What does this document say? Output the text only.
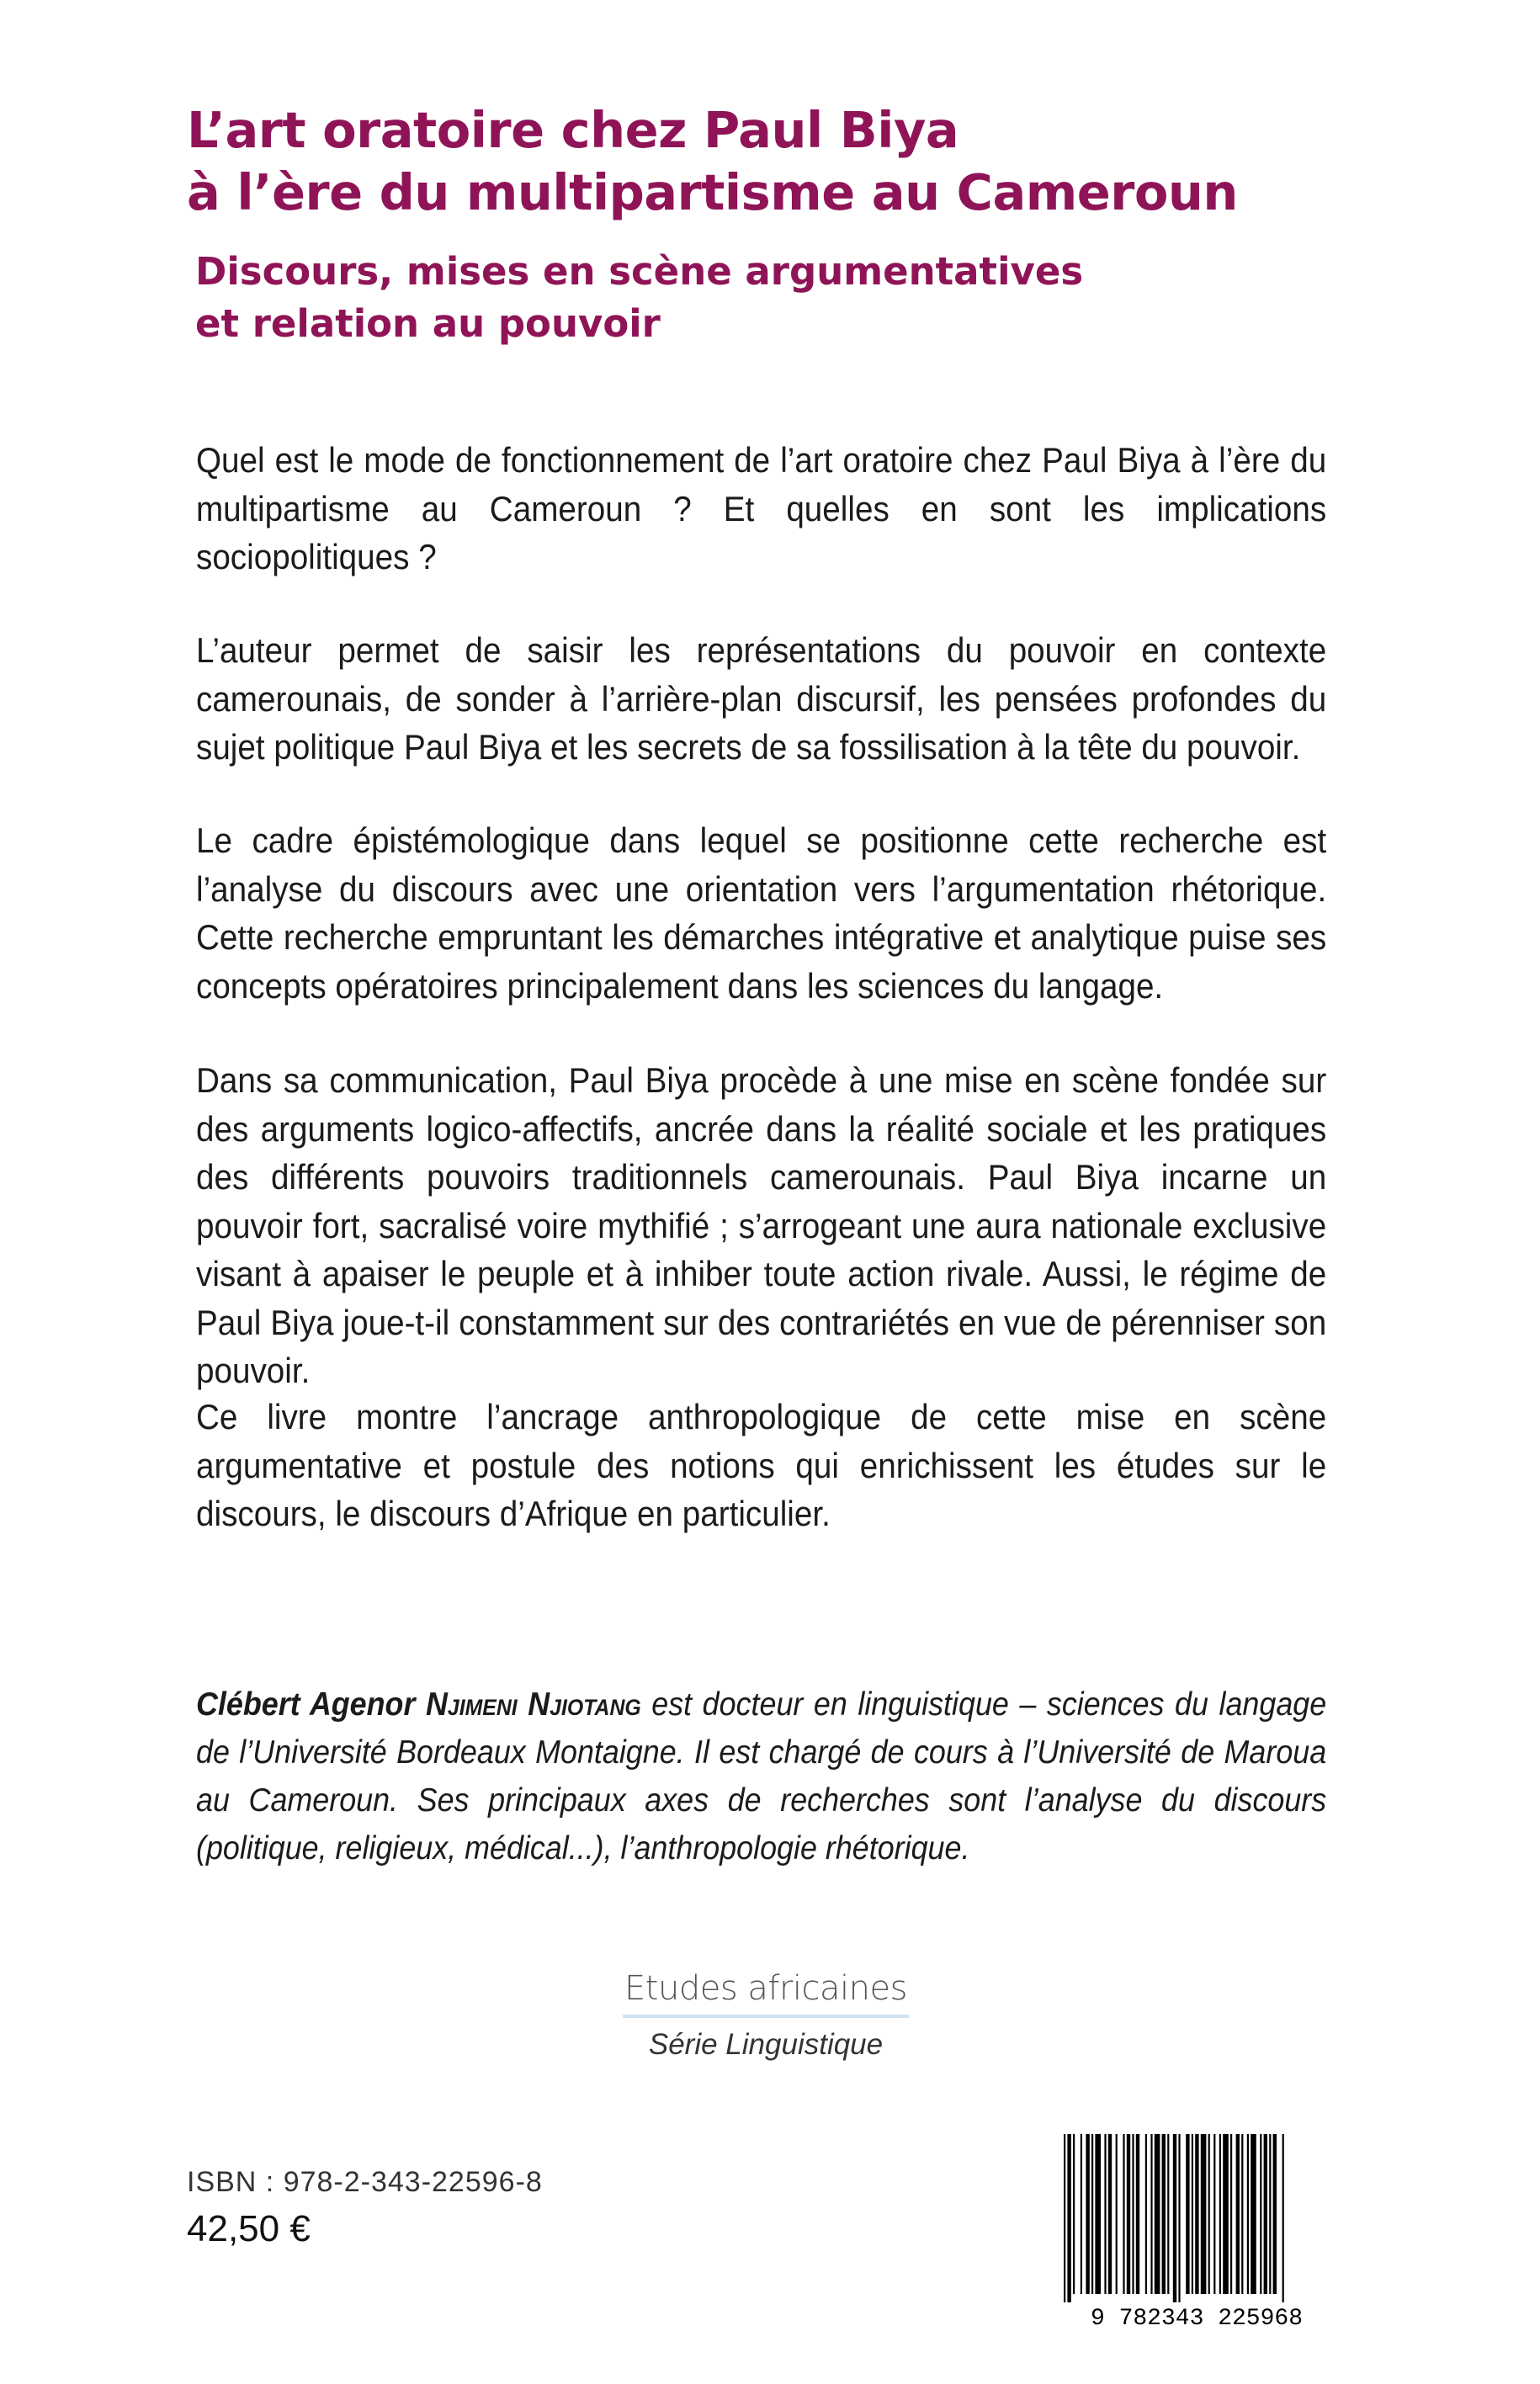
L’art oratoire chez Paul Biya
à l’ère du multipartisme au Cameroun
Discours, mises en scène argumentatives
et relation au pouvoir

Quel est le mode de fonctionnement de l’art oratoire chez Paul Biya à l’ère du multipartisme au Cameroun ? Et quelles en sont les implications sociopolitiques ?

L’auteur permet de saisir les représentations du pouvoir en contexte camerounais, de sonder à l’arrière-plan discursif, les pensées profondes du sujet politique Paul Biya et les secrets de sa fossilisation à la tête du pouvoir.

Le cadre épistémologique dans lequel se positionne cette recherche est l’analyse du discours avec une orientation vers l’argumentation rhétorique. Cette recherche empruntant les démarches intégrative et analytique puise ses concepts opératoires principalement dans les sciences du langage.

Dans sa communication, Paul Biya procède à une mise en scène fondée sur des arguments logico-affectifs, ancrée dans la réalité sociale et les pratiques des différents pouvoirs traditionnels camerounais. Paul Biya incarne un pouvoir fort, sacralisé voire mythifié ; s’arrogeant une aura nationale exclusive visant à apaiser le peuple et à inhiber toute action rivale. Aussi, le régime de Paul Biya joue-t-il constamment sur des contrariétés en vue de pérenniser son pouvoir.

Ce livre montre l’ancrage anthropologique de cette mise en scène argumentative et postule des notions qui enrichissent les études sur le discours, le discours d’Afrique en particulier.

Clébert Agenor Njimeni Njiotang est docteur en linguistique – sciences du langage de l’Université Bordeaux Montaigne. Il est chargé de cours à l’Université de Maroua au Cameroun. Ses principaux axes de recherches sont l’analyse du discours (politique, religieux, médical...), l’anthropologie rhétorique.

Etudes africaines
Série Linguistique
ISBN : 978-2-343-22596-8
42,50 €
9 782343 225968
